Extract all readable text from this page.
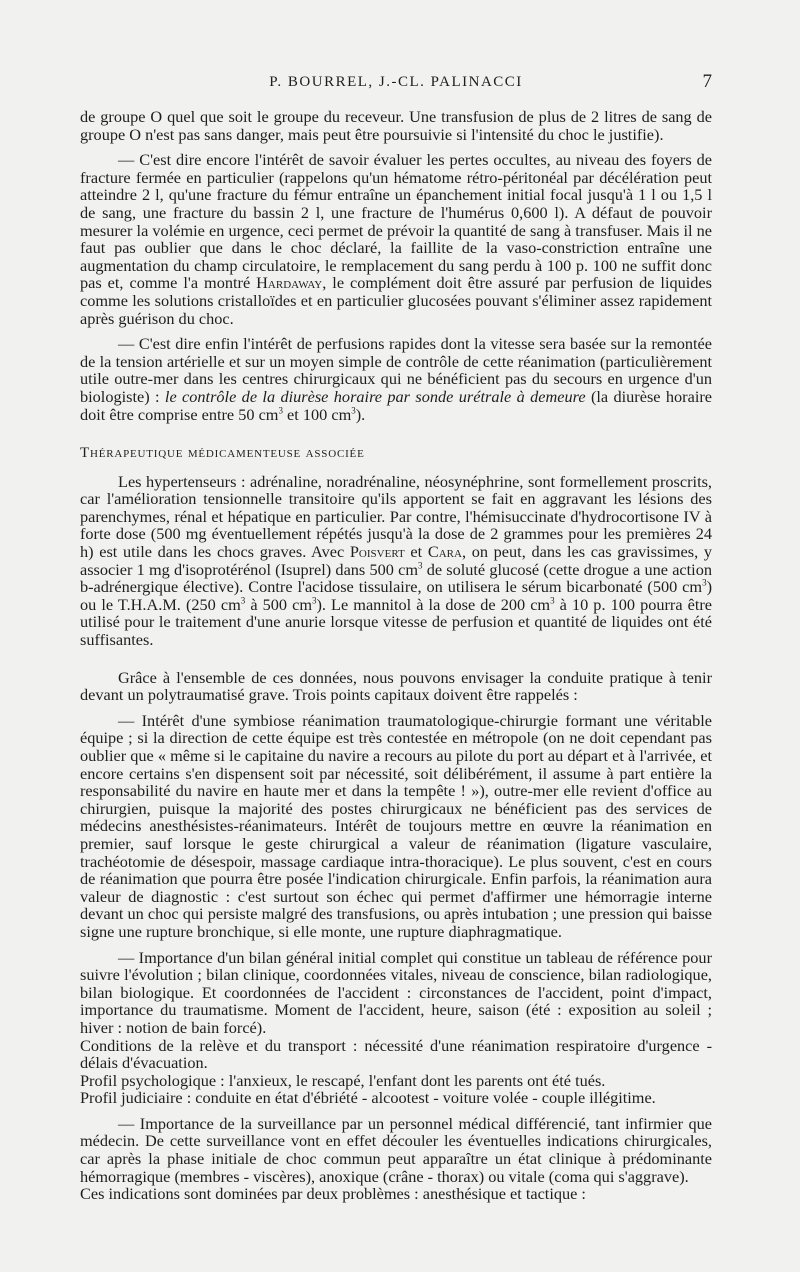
P. BOURREL, J.-CL. PALINACCI	7

de groupe O quel que soit le groupe du receveur. Une transfusion de plus de 2 litres de sang de groupe O n'est pas sans danger, mais peut être poursuivie si l'intensité du choc le justifie).

— C'est dire encore l'intérêt de savoir évaluer les pertes occultes, au niveau des foyers de fracture fermée en particulier (rappelons qu'un hématome rétro-péritonéal par décélération peut atteindre 2 l, qu'une fracture du fémur entraîne un épanchement initial focal jusqu'à 1 l ou 1,5 l de sang, une fracture du bassin 2 l, une fracture de l'humérus 0,600 l). A défaut de pouvoir mesurer la volémie en urgence, ceci permet de prévoir la quantité de sang à transfuser. Mais il ne faut pas oublier que dans le choc déclaré, la faillite de la vaso-constriction entraîne une augmentation du champ circulatoire, le remplacement du sang perdu à 100 p. 100 ne suffit donc pas et, comme l'a montré Hardaway, le complément doit être assuré par perfusion de liquides comme les solutions cristalloïdes et en particulier glucosées pouvant s'éliminer assez rapidement après guérison du choc.

— C'est dire enfin l'intérêt de perfusions rapides dont la vitesse sera basée sur la remontée de la tension artérielle et sur un moyen simple de contrôle de cette réanimation (particulièrement utile outre-mer dans les centres chirurgicaux qui ne bénéficient pas du secours en urgence d'un biologiste) : le contrôle de la diurèse horaire par sonde urétrale à demeure (la diurèse horaire doit être comprise entre 50 $cm^3$ et 100 $cm^3$).

Thérapeutique médicamenteuse associée

Les hypertenseurs : adrénaline, noradrénaline, néosynéphrine, sont formellement proscrits, car l'amélioration tensionnelle transitoire qu'ils apportent se fait en aggravant les lésions des parenchymes, rénal et hépatique en particulier. Par contre, l'hémisuccinate d'hydrocortisone IV à forte dose (500 mg éventuellement répétés jusqu'à la dose de 2 grammes pour les premières 24 h) est utile dans les chocs graves. Avec Poisvert et Cara, on peut, dans les cas gravissimes, y associer 1 mg d'isoprotérénol (Isuprel) dans 500 $cm^3$ de soluté glucosé (cette drogue a une action b-adrénergique élective). Contre l'acidose tissulaire, on utilisera le sérum bicarbonaté (500 $cm^3$) ou le T.H.A.M. (250 $cm^3$ à 500 $cm^3$). Le mannitol à la dose de 200 $cm^3$ à 10 p. 100 pourra être utilisé pour le traitement d'une anurie lorsque vitesse de perfusion et quantité de liquides ont été suffisantes.

Grâce à l'ensemble de ces données, nous pouvons envisager la conduite pratique à tenir devant un polytraumatisé grave. Trois points capitaux doivent être rappelés :

— Intérêt d'une symbiose réanimation traumatologique-chirurgie formant une véritable équipe ; si la direction de cette équipe est très contestée en métropole (on ne doit cependant pas oublier que « même si le capitaine du navire a recours au pilote du port au départ et à l'arrivée, et encore certains s'en dispensent soit par nécessité, soit délibérément, il assume à part entière la responsabilité du navire en haute mer et dans la tempête ! »), outre-mer elle revient d'office au chirurgien, puisque la majorité des postes chirurgicaux ne bénéficient pas des services de médecins anesthésistes-réanimateurs. Intérêt de toujours mettre en œuvre la réanimation en premier, sauf lorsque le geste chirurgical a valeur de réanimation (ligature vasculaire, trachéotomie de désespoir, massage cardiaque intra-thoracique). Le plus souvent, c'est en cours de réanimation que pourra être posée l'indication chirurgicale. Enfin parfois, la réanimation aura valeur de diagnostic : c'est surtout son échec qui permet d'affirmer une hémorragie interne devant un choc qui persiste malgré des transfusions, ou après intubation ; une pression qui baisse signe une rupture bronchique, si elle monte, une rupture diaphragmatique.

— Importance d'un bilan général initial complet qui constitue un tableau de référence pour suivre l'évolution ; bilan clinique, coordonnées vitales, niveau de conscience, bilan radiologique, bilan biologique. Et coordonnées de l'accident : circonstances de l'accident, point d'impact, importance du traumatisme. Moment de l'accident, heure, saison (été : exposition au soleil ; hiver : notion de bain forcé).

Conditions de la relève et du transport : nécessité d'une réanimation respiratoire d'urgence - délais d'évacuation.

Profil psychologique : l'anxieux, le rescapé, l'enfant dont les parents ont été tués.

Profil judiciaire : conduite en état d'ébriété - alcootest - voiture volée - couple illégitime.

— Importance de la surveillance par un personnel médical différencié, tant infirmier que médecin. De cette surveillance vont en effet découler les éventuelles indications chirurgicales, car après la phase initiale de choc commun peut apparaître un état clinique à prédominante hémorragique (membres - viscères), anoxique (crâne - thorax) ou vitale (coma qui s'aggrave).

Ces indications sont dominées par deux problèmes : anesthésique et tactique :
